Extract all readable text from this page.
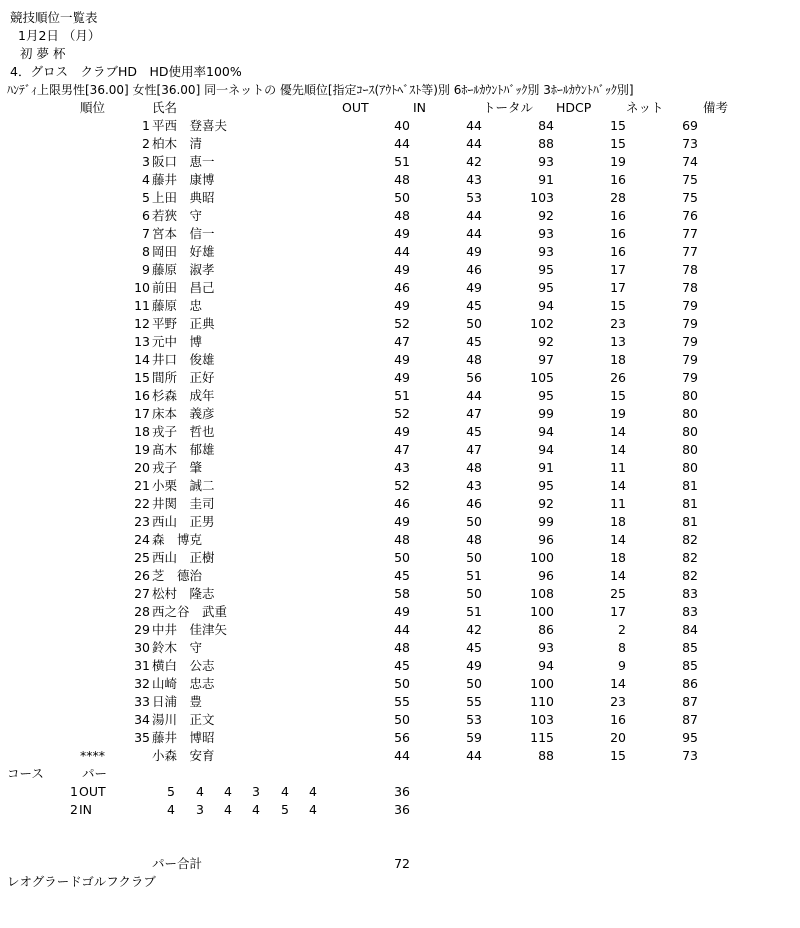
競技順位一覧表
1月2日 （月）
初 夢 杯
4．グロス　クラブHD　HD使用率100%
ﾊﾝﾃﾞｨ上限男性[36.00] 女性[36.00] 同一ネットの 優先順位[指定ｺｰｽ(ｱｳﾄﾍﾞｽﾄ等)別 6ﾎｰﾙｶｳﾝﾄﾊﾞｯｸ別 3ﾎｰﾙｶｳﾝﾄﾊﾞｯｸ別]
順位	氏名	OUT	IN	トータル HDCP	ネット	備考
1 平西　登喜夫	40	44	84	15	69
2 柏木　清	44	44	88	15	73
3 阪口　恵一	51	42	93	19	74
4 藤井　康博	48	43	91	16	75
5 上田　典昭	50	53	103	28	75
6 若狹　守	48	44	92	16	76
7 宮本　信一	49	44	93	16	77
8 岡田　好雄	44	49	93	16	77
9 藤原　淑孝	49	46	95	17	78
10 前田　昌己	46	49	95	17	78
11 藤原　忠	49	45	94	15	79
12 平野　正典	52	50	102	23	79
13 元中　博	47	45	92	13	79
14 井口　俊雄	49	48	97	18	79
15 間所　正好	49	56	105	26	79
16 杉森　成年	51	44	95	15	80
17 床本　義彦	52	47	99	19	80
18 戎子　哲也	49	45	94	14	80
19 髙木　郁雄	47	47	94	14	80
20 戎子　肇	43	48	91	11	80
21 小栗　誠二	52	43	95	14	81
22 井関　圭司	46	46	92	11	81
23 西山　正男	49	50	99	18	81
24 森　博克	48	48	96	14	82
25 西山　正樹	50	50	100	18	82
26 芝　德治	45	51	96	14	82
27 松村　隆志	58	50	108	25	83
28 西之谷　武重	49	51	100	17	83
29 中井　佳津矢	44	42	86	2	84
30 鈴木　守	48	45	93	8	85
31 横白　公志	45	49	94	9	85
32 山崎　忠志	50	50	100	14	86
33 日浦　豊	55	55	110	23	87
34 湯川　正文	50	53	103	16	87
35 藤井　博昭	56	59	115	20	95
****	小森　安育	44	44	88	15	73
コース	パー
1 OUT	5 4 4 3 4 4	36
2 IN	4 3 4 4 5 4	36
パー合計	72
レオグラードゴルフクラブ
